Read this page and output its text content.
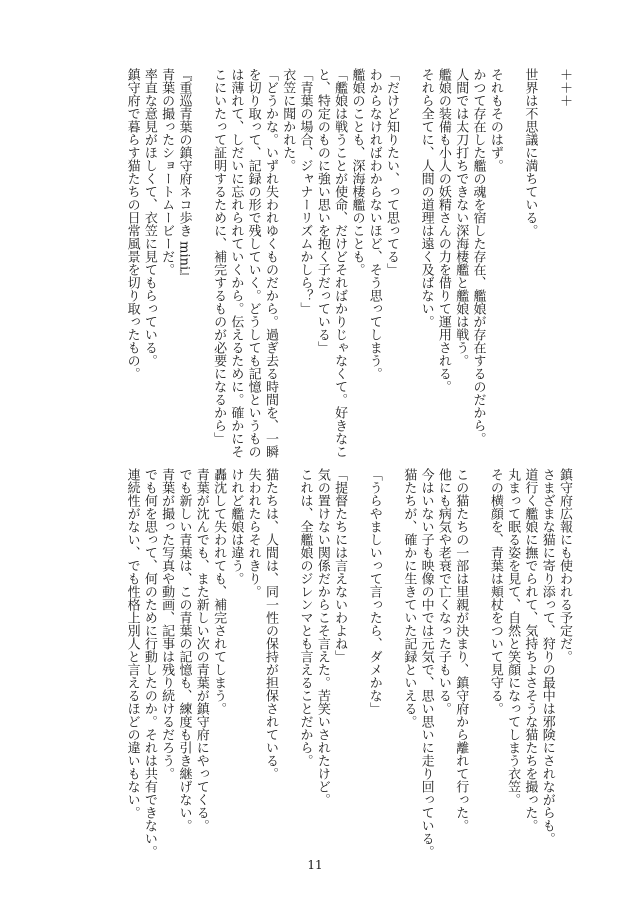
＋＋＋
世界は不思議に満ちている。
それもそのはず。
かつて存在した艦の魂を宿した存在、艦娘が存在するのだから。
人間では太刀打ちできない深海棲艦と艦娘は戦う。
艦娘の装備も小人の妖精さんの力を借りて運用される。
それら全てに、人間の道理は遠く及ばない。
「だけど知りたい、って思ってる」
わからなければわからないほど、そう思ってしまう。
艦娘のことも、深海棲艦のことも。
「艦娘は戦うことが使命、だけどそればかりじゃなくて。好きなこ
と、特定のものに強い思いを抱く子だっている」
「青葉の場合、ジャナーリズムかしら？」
衣笠に聞かれた。
「どうかな。いずれ失われゆくものだから。過ぎ去る時間を、一瞬
を切り取って、記録の形で残していく。どうしても記憶というもの
は薄れて、しだいに忘れられていくから。伝えるために。確かにそ
こにいたって証明するために、補完するものが必要になるから」
『重巡青葉の鎮守府ネコ歩き mini』
青葉の撮ったショートムービーだ。
率直な意見がほしくて、衣笠に見てもらっている。
鎮守府で暮らす猫たちの日常風景を切り取ったもの。
鎮守府広報にも使われる予定だ。
さまざまな猫に寄り添って、狩りの最中は邪険にされながらも。
道行く艦娘に撫でられて、気持ちよさそうな猫たちを撮った。
丸まって眠る姿を見て、自然と笑顔になってしまう衣笠。
その横顔を、青葉は頬杖をついて見守る。
この猫たちの一部は里親が決まり、鎮守府から離れて行った。
他にも病気や老衰で亡くなった子もいる。
今はいない子も映像の中では元気で、思い思いに走り回っている。
猫たちが、確かに生きていた記録といえる。
「うらやましいって言ったら、ダメかな」
「提督たちには言えないわよね」
気の置けない関係だからこそ言えた。苦笑いされたけど。
これは、全艦娘のジレンマとも言えることだから。
猫たちは、人間は、同一性の保持が担保されている。
失われたらそれきり。
けれど艦娘は違う。
轟沈して失われても、補完されてしまう。
青葉が沈んでも、また新しい次の青葉が鎮守府にやってくる。
でも新しい青葉は、この青葉の記憶も、練度も引き継げない。
青葉が撮った写真や動画、記事は残り続けるだろう。
でも何を思って、何のために行動したのか。それは共有できない。
連続性がない、でも性格上別人と言えるほどの違いもない。
11
